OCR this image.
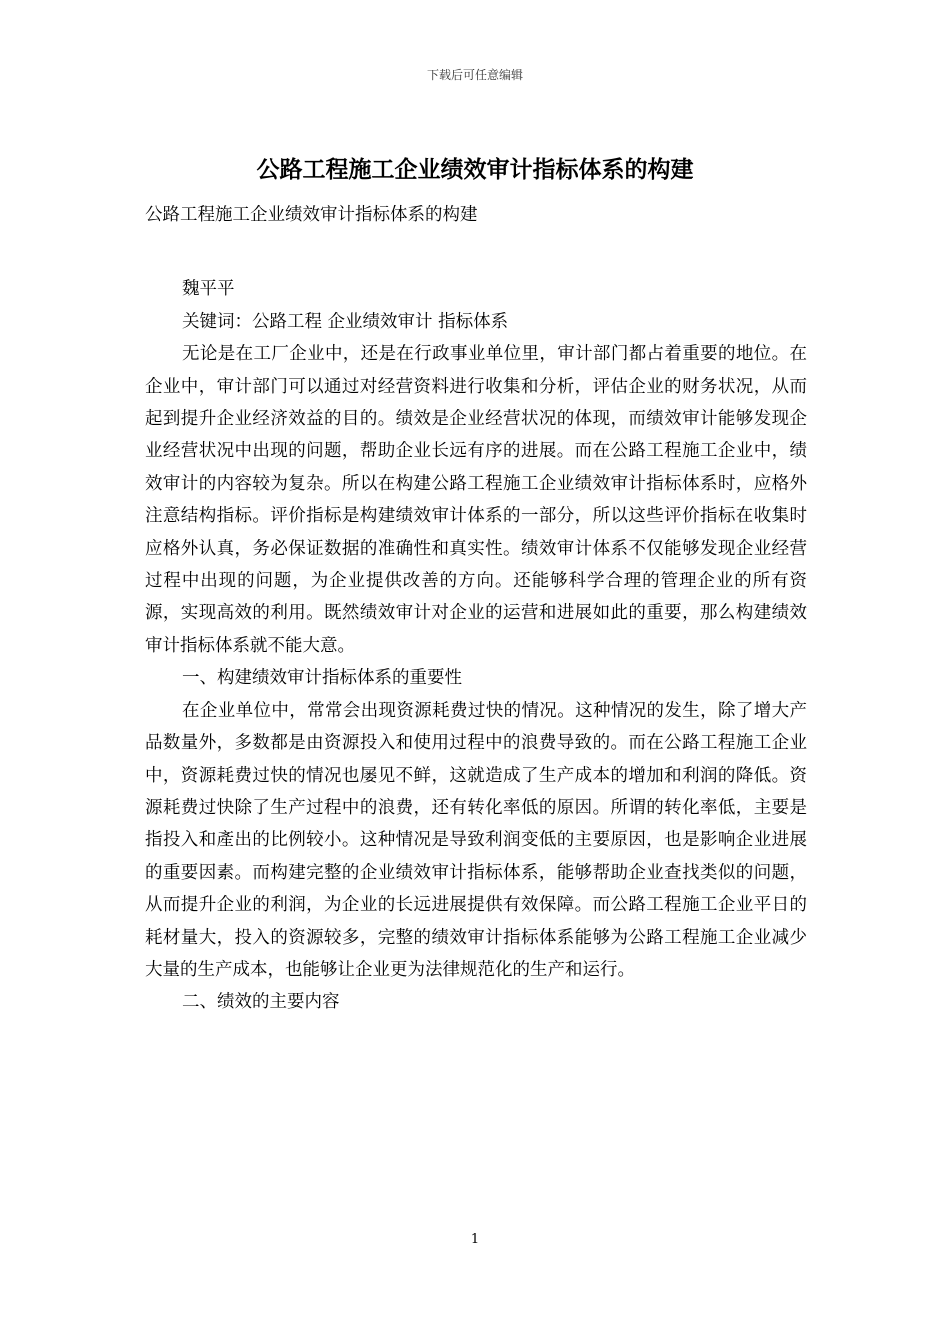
下载后可任意编辑
公路工程施工企业绩效审计指标体系的构建

公路工程施工企业绩效审计指标体系的构建

魏平平

关键词：公路工程 企业绩效审计 指标体系

无论是在工厂企业中，还是在行政事业单位里，审计部门都占着重要的地位。在企业中，审计部门可以通过对经营资料进行收集和分析，评估企业的财务状况，从而起到提升企业经济效益的目的。绩效是企业经营状况的体现，而绩效审计能够发现企业经营状况中出现的问题，帮助企业长远有序的进展。而在公路工程施工企业中，绩效审计的内容较为复杂。所以在构建公路工程施工企业绩效审计指标体系时，应格外注意结构指标。评价指标是构建绩效审计体系的一部分，所以这些评价指标在收集时应格外认真，务必保证数据的准确性和真实性。绩效审计体系不仅能够发现企业经营过程中出现的问题，为企业提供改善的方向。还能够科学合理的管理企业的所有资源，实现高效的利用。既然绩效审计对企业的运营和进展如此的重要，那么构建绩效审计指标体系就不能大意。

一、构建绩效审计指标体系的重要性

在企业单位中，常常会出现资源耗费过快的情况。这种情况的发生，除了增大产品数量外，多数都是由资源投入和使用过程中的浪费导致的。而在公路工程施工企业中，资源耗费过快的情况也屡见不鲜，这就造成了生产成本的增加和利润的降低。资源耗费过快除了生产过程中的浪费，还有转化率低的原因。所谓的转化率低，主要是指投入和產出的比例较小。这种情况是导致利润变低的主要原因，也是影响企业进展的重要因素。而构建完整的企业绩效审计指标体系，能够帮助企业查找类似的问题，从而提升企业的利润，为企业的长远进展提供有效保障。而公路工程施工企业平日的耗材量大，投入的资源较多，完整的绩效审计指标体系能够为公路工程施工企业减少大量的生产成本，也能够让企业更为法律规范化的生产和运行。

二、绩效的主要内容

1
